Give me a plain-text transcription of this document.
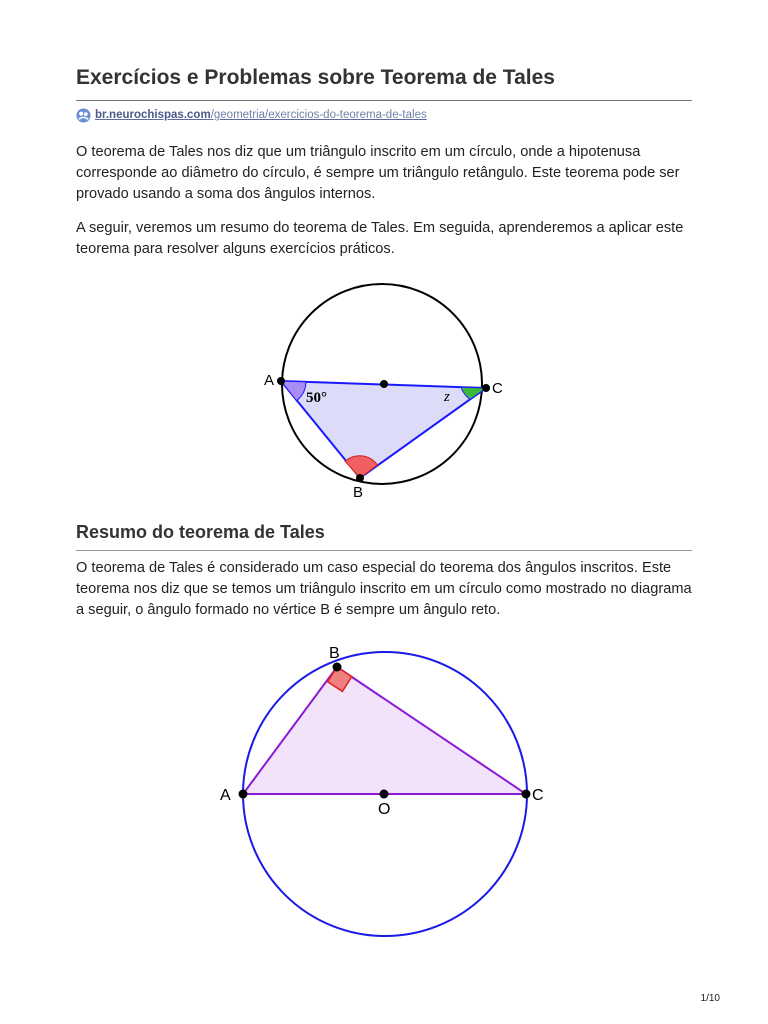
Exercícios e Problemas sobre Teorema de Tales
br.neurochispas.com/geometria/exercicios-do-teorema-de-tales

O teorema de Tales nos diz que um triângulo inscrito em um círculo, onde a hipotenusa corresponde ao diâmetro do círculo, é sempre um triângulo retângulo. Este teorema pode ser provado usando a soma dos ângulos internos.

A seguir, veremos um resumo do teorema de Tales. Em seguida, aprenderemos a aplicar este teorema para resolver alguns exercícios práticos.

A	C
B
50°	z
Resumo do teorema de Tales

O teorema de Tales é considerado um caso especial do teorema dos ângulos inscritos. Este teorema nos diz que se temos um triângulo inscrito em um círculo como mostrado no diagrama a seguir, o ângulo formado no vértice B é sempre um ângulo reto.

A	C
B
O
1/10
